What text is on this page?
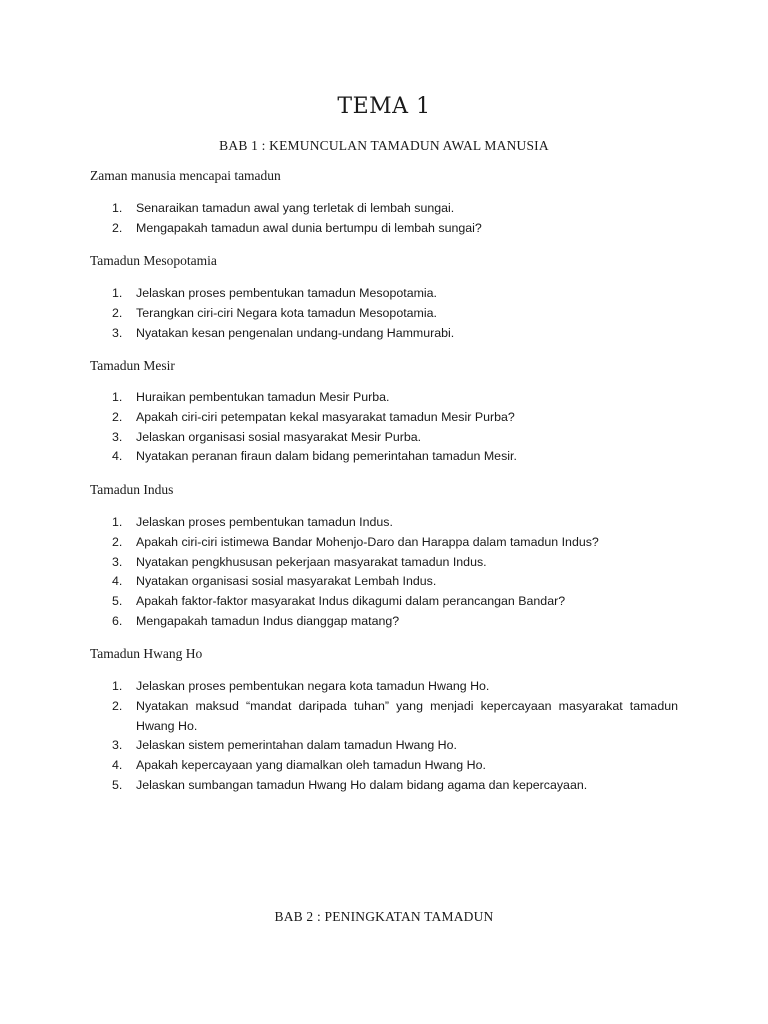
TEMA 1
BAB 1 : KEMUNCULAN TAMADUN AWAL MANUSIA
Zaman manusia mencapai tamadun
1. Senaraikan tamadun awal yang terletak di lembah sungai.
2. Mengapakah tamadun awal dunia bertumpu di lembah sungai?
Tamadun Mesopotamia
1. Jelaskan proses pembentukan tamadun Mesopotamia.
2. Terangkan ciri-ciri Negara kota tamadun Mesopotamia.
3. Nyatakan kesan pengenalan undang-undang Hammurabi.
Tamadun Mesir
1. Huraikan pembentukan tamadun Mesir Purba.
2. Apakah ciri-ciri petempatan kekal masyarakat tamadun Mesir Purba?
3. Jelaskan organisasi sosial masyarakat Mesir Purba.
4. Nyatakan peranan firaun dalam bidang pemerintahan tamadun Mesir.
Tamadun Indus
1. Jelaskan proses pembentukan tamadun Indus.
2. Apakah ciri-ciri istimewa Bandar Mohenjo-Daro dan Harappa dalam tamadun Indus?
3. Nyatakan pengkhususan pekerjaan masyarakat tamadun Indus.
4. Nyatakan organisasi sosial masyarakat Lembah Indus.
5. Apakah faktor-faktor masyarakat Indus dikagumi dalam perancangan Bandar?
6. Mengapakah tamadun Indus dianggap matang?
Tamadun Hwang Ho
1. Jelaskan proses pembentukan negara kota tamadun Hwang Ho.
2. Nyatakan maksud “mandat daripada tuhan” yang menjadi kepercayaan masyarakat tamadun Hwang Ho.
3. Jelaskan sistem pemerintahan dalam tamadun Hwang Ho.
4. Apakah kepercayaan yang diamalkan oleh tamadun Hwang Ho.
5. Jelaskan sumbangan tamadun Hwang Ho dalam bidang agama dan kepercayaan.
BAB 2 : PENINGKATAN TAMADUN
